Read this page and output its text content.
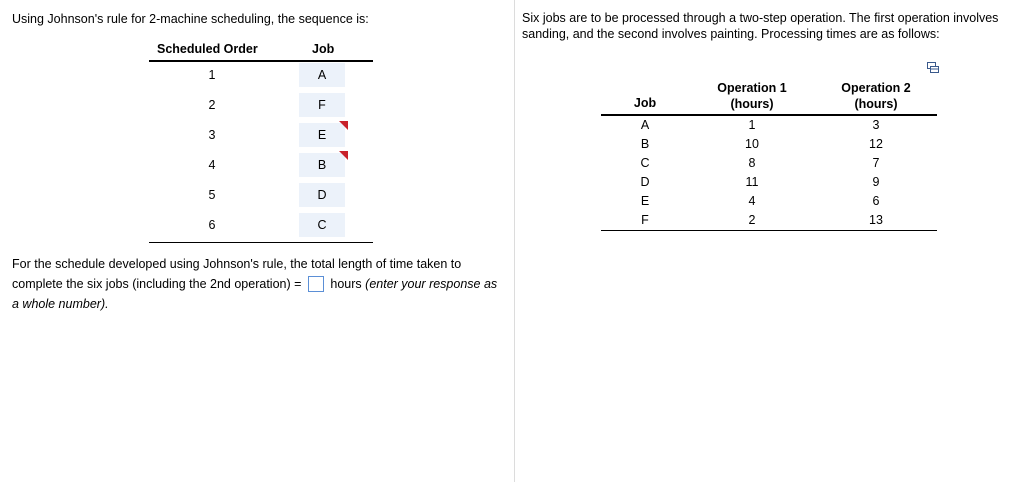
Using Johnson's rule for 2-machine scheduling, the sequence is:
Scheduled Order	Job
1	A
2	F
3	E
4	B
5	D
6	C
For the schedule developed using Johnson's rule, the total length of time taken to complete the six jobs (including the 2nd operation) = hours (enter your response as a whole number).
Six jobs are to be processed through a two-step operation. The first operation involves sanding, and the second involves painting. Processing times are as follows:
Job
Operation 1 (hours)
Operation 2 (hours)
A	1	3
B	10	12
C	8	7
D	11	9
E	4	6
F	2	13
